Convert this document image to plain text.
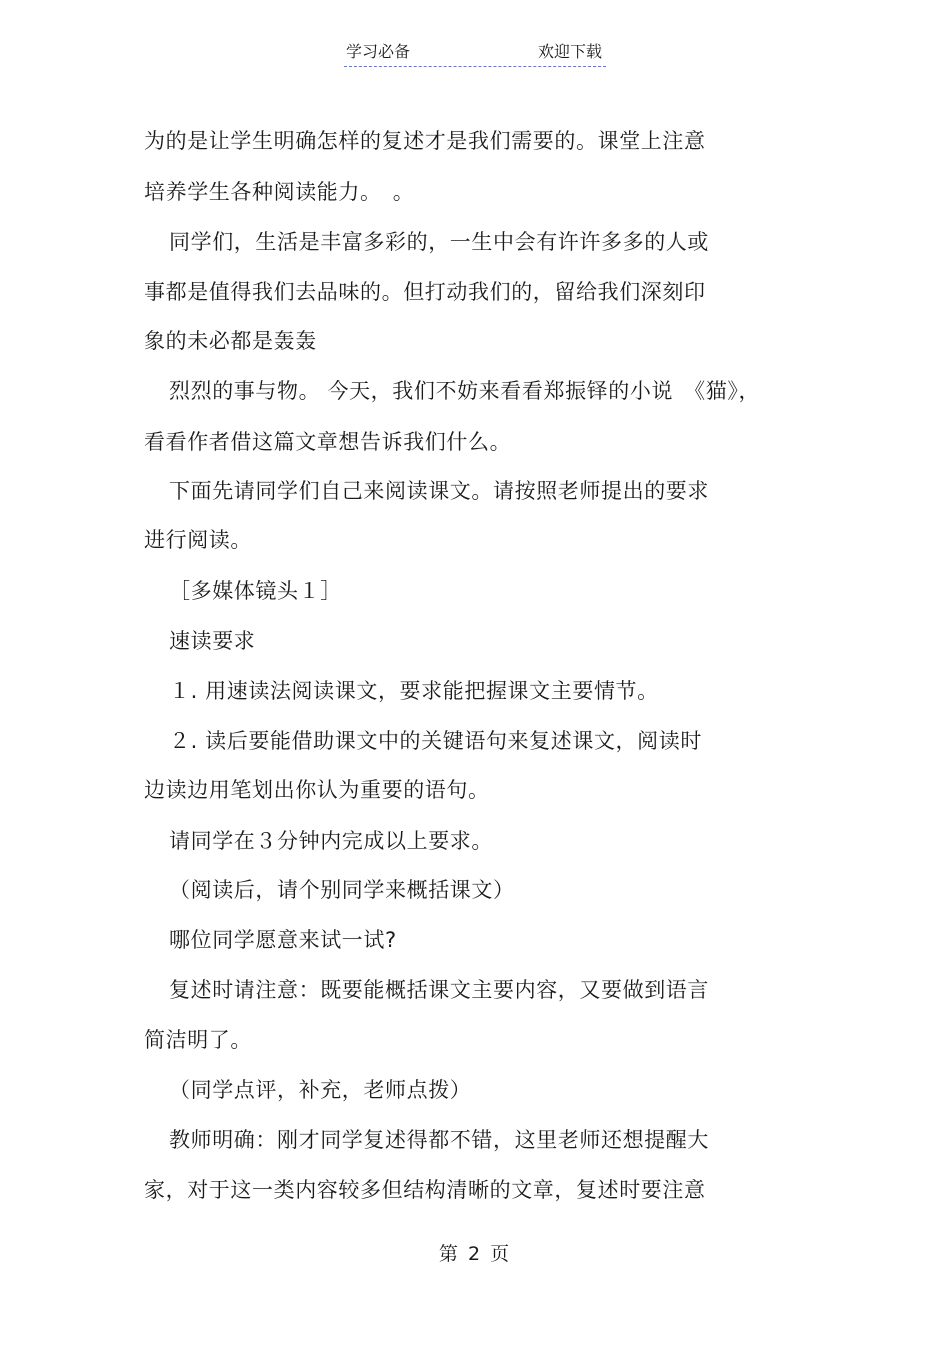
学习必备	欢迎下载
为的是让学生明确怎样的复述才是我们需要的。课堂上注意
培养学生各种阅读能力。　。
同学们，生活是丰富多彩的，一生中会有许许多多的人或
事都是值得我们去品味的。但打动我们的，留给我们深刻印
象的未必都是轰轰
烈烈的事与物。 今天，我们不妨来看看郑振铎的小说　《猫》，
看看作者借这篇文章想告诉我们什么。
下面先请同学们自己来阅读课文。请按照老师提出的要求
进行阅读。
［多媒体镜头１］
速读要求
１. 用速读法阅读课文，要求能把握课文主要情节。
２. 读后要能借助课文中的关键语句来复述课文，阅读时
边读边用笔划出你认为重要的语句。
请同学在３分钟内完成以上要求。
（阅读后，请个别同学来概括课文）
哪位同学愿意来试一试?
复述时请注意：既要能概括课文主要内容，又要做到语言
简洁明了。
（同学点评，补充，老师点拨）
教师明确：刚才同学复述得都不错，这里老师还想提醒大
家，对于这一类内容较多但结构清晰的文章，复述时要注意
第 2 页
